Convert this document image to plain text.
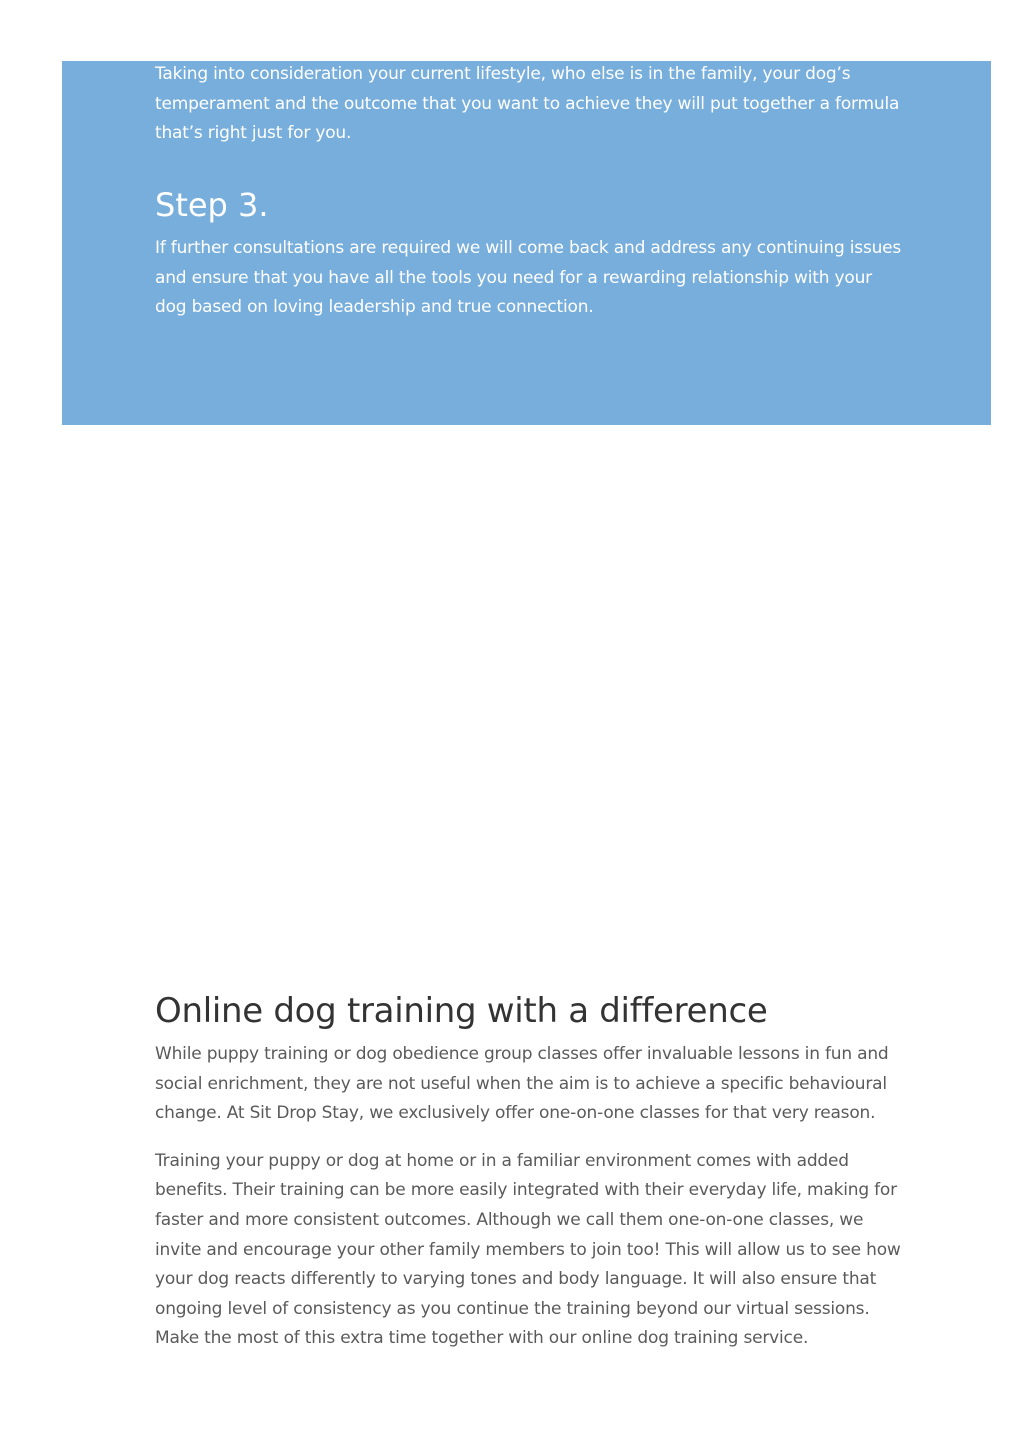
Taking into consideration your current lifestyle, who else is in the family, your dog’s temperament and the outcome that you want to achieve they will put together a formula that’s right just for you.

Step 3.

If further consultations are required we will come back and address any continuing issues and ensure that you have all the tools you need for a rewarding relationship with your dog based on loving leadership and true connection.

Online dog training with a difference

While puppy training or dog obedience group classes offer invaluable lessons in fun and social enrichment, they are not useful when the aim is to achieve a specific behavioural change. At Sit Drop Stay, we exclusively offer one-on-one classes for that very reason.

Training your puppy or dog at home or in a familiar environment comes with added benefits. Their training can be more easily integrated with their everyday life, making for faster and more consistent outcomes. Although we call them one-on-one classes, we invite and encourage your other family members to join too! This will allow us to see how your dog reacts differently to varying tones and body language. It will also ensure that ongoing level of consistency as you continue the training beyond our virtual sessions. Make the most of this extra time together with our online dog training service.
